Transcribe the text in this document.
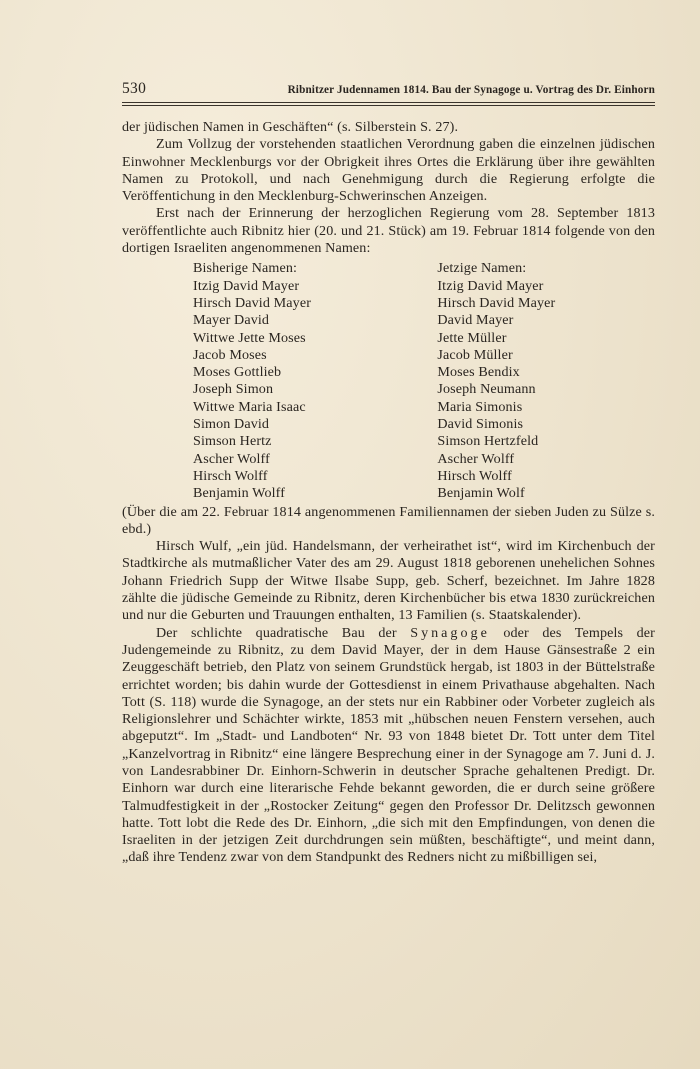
530	Ribnitzer Judennamen 1814. Bau der Synagoge u. Vortrag des Dr. Einhorn

der jüdischen Namen in Geschäften“ (s. Silberstein S. 27).

Zum Vollzug der vorstehenden staatlichen Verordnung gaben die einzelnen jüdischen Einwohner Mecklenburgs vor der Obrigkeit ihres Ortes die Erklärung über ihre gewählten Namen zu Protokoll, und nach Genehmigung durch die Regierung erfolgte die Veröffentichung in den Mecklenburg-Schwerinschen Anzeigen.

Erst nach der Erinnerung der herzoglichen Regierung vom 28. September 1813 veröffentlichte auch Ribnitz hier (20. und 21. Stück) am 19. Februar 1814 folgende von den dortigen Israeliten angenommenen Namen:

Bisherige Namen:
Itzig David Mayer
Hirsch David Mayer
Mayer David
Wittwe Jette Moses
Jacob Moses
Moses Gottlieb
Joseph Simon
Wittwe Maria Isaac
Simon David
Simson Hertz
Ascher Wolff
Hirsch Wolff
Benjamin Wolff
Jetzige Namen:
Itzig David Mayer
Hirsch David Mayer
David Mayer
Jette Müller
Jacob Müller
Moses Bendix
Joseph Neumann
Maria Simonis
David Simonis
Simson Hertzfeld
Ascher Wolff
Hirsch Wolff
Benjamin Wolf

(Über die am 22. Februar 1814 angenommenen Familiennamen der sieben Juden zu Sülze s. ebd.)

Hirsch Wulf, „ein jüd. Handelsmann, der verheirathet ist“, wird im Kirchenbuch der Stadtkirche als mutmaßlicher Vater des am 29. August 1818 geborenen unehelichen Sohnes Johann Friedrich Supp der Witwe Ilsabe Supp, geb. Scherf, bezeichnet. Im Jahre 1828 zählte die jüdische Gemeinde zu Ribnitz, deren Kirchenbücher bis etwa 1830 zurückreichen und nur die Geburten und Trauungen enthalten, 13 Familien (s. Staatskalender).

Der schlichte quadratische Bau der Synagoge oder des Tempels der Judengemeinde zu Ribnitz, zu dem David Mayer, der in dem Hause Gänsestraße 2 ein Zeuggeschäft betrieb, den Platz von seinem Grundstück hergab, ist 1803 in der Büttelstraße errichtet worden; bis dahin wurde der Gottesdienst in einem Privathause abgehalten. Nach Tott (S. 118) wurde die Synagoge, an der stets nur ein Rabbiner oder Vorbeter zugleich als Religionslehrer und Schächter wirkte, 1853 mit „hübschen neuen Fenstern versehen, auch abgeputzt“. Im „Stadt- und Landboten“ Nr. 93 von 1848 bietet Dr. Tott unter dem Titel „Kanzelvortrag in Ribnitz“ eine längere Besprechung einer in der Synagoge am 7. Juni d. J. von Landesrabbiner Dr. Einhorn-Schwerin in deutscher Sprache gehaltenen Predigt. Dr. Einhorn war durch eine literarische Fehde bekannt geworden, die er durch seine größere Talmudfestigkeit in der „Rostocker Zeitung“ gegen den Professor Dr. Delitzsch gewonnen hatte. Tott lobt die Rede des Dr. Einhorn, „die sich mit den Empfindungen, von denen die Israeliten in der jetzigen Zeit durchdrungen sein müßten, beschäftigte“, und meint dann, „daß ihre Tendenz zwar von dem Standpunkt des Redners nicht zu mißbilligen sei,
